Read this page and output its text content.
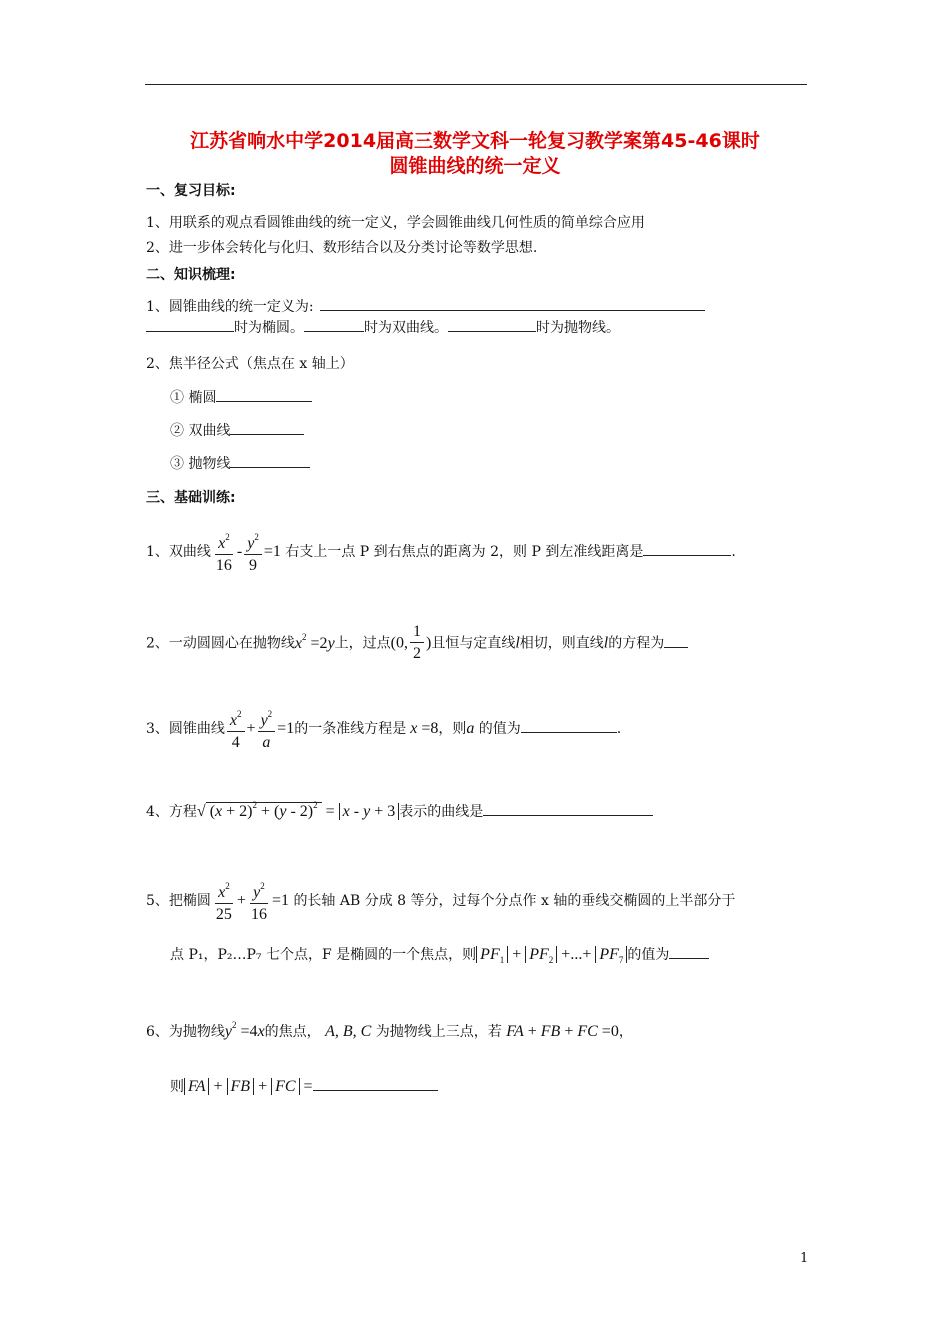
江苏省响水中学2014届高三数学文科一轮复习教学案第45-46课时
圆锥曲线的统一定义
一、复习目标:
1、用联系的观点看圆锥曲线的统一定义，学会圆锥曲线几何性质的简单综合应用
2、进一步体会转化与化归、数形结合以及分类讨论等数学思想.
二、知识梳理:
1、圆锥曲线的统一定义为:
时为椭圆。	时为双曲线。	时为抛物线。
2、焦半径公式（焦点在 x 轴上）
① 椭圆
② 双曲线
③ 抛物线
三、基础训练:
1、双曲线 $\frac{x^2}{16} - \frac{y^2}{9} =1$ 右支上一点 P 到右焦点的距离为 2，则 P 到左准线距离是	.
2、一动圆圆心在抛物线$x^2 =2y$上，过点(0, $\frac{1}{2}$ )且恒与定直线l相切，则直线l的方程为
3、圆锥曲线 $\frac{x^2}{4} + \frac{y^2}{a} =1$的一条准线方程是 x =8，则a 的值为	.
4、方程√ $(x + 2)^2 + (y - 2)^2 = x - y + 3$ 表示的曲线是
5、把椭圆 $\frac{x^2}{25} + \frac{y^2}{16} =1$ 的长轴 AB 分成 8 等分，过每个分点作 x 轴的垂线交椭圆的上半部分于
点 P₁，P₂…P₇ 七个点，F 是椭圆的一个焦点，则 $PF_1 + PF_2$ +...+ $PF_7$ 的值为
6、为抛物线$y^2 =4x$的焦点， A, B, C 为抛物线上三点，若 FA + FB + FC =0，
则 FA + FB + FC =
1
